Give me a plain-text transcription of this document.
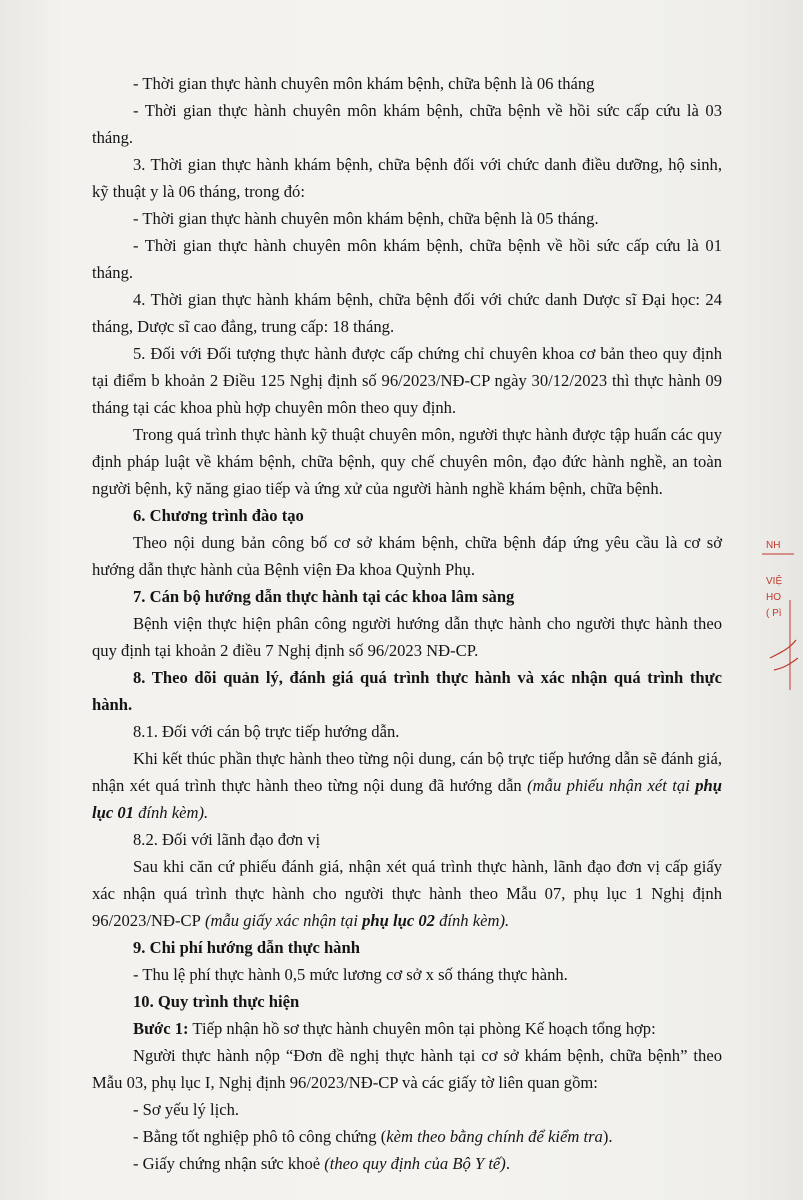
- Thời gian thực hành chuyên môn khám bệnh, chữa bệnh là 06 tháng

- Thời gian thực hành chuyên môn khám bệnh, chữa bệnh về hồi sức cấp cứu là 03 tháng.

3. Thời gian thực hành khám bệnh, chữa bệnh đối với chức danh điều dưỡng, hộ sinh, kỹ thuật y là 06 tháng, trong đó:

- Thời gian thực hành chuyên môn khám bệnh, chữa bệnh là 05 tháng.

- Thời gian thực hành chuyên môn khám bệnh, chữa bệnh về hồi sức cấp cứu là 01 tháng.

4. Thời gian thực hành khám bệnh, chữa bệnh đối với chức danh Dược sĩ Đại học: 24 tháng, Dược sĩ cao đẳng, trung cấp: 18 tháng.

5. Đối với Đối tượng thực hành được cấp chứng chỉ chuyên khoa cơ bản theo quy định tại điểm b khoản 2 Điều 125 Nghị định số 96/2023/NĐ-CP ngày 30/12/2023 thì thực hành 09 tháng tại các khoa phù hợp chuyên môn theo quy định.

Trong quá trình thực hành kỹ thuật chuyên môn, người thực hành được tập huấn các quy định pháp luật về khám bệnh, chữa bệnh, quy chế chuyên môn, đạo đức hành nghề, an toàn người bệnh, kỹ năng giao tiếp và ứng xử của người hành nghề khám bệnh, chữa bệnh.

6. Chương trình đào tạo

Theo nội dung bản công bố cơ sở khám bệnh, chữa bệnh đáp ứng yêu cầu là cơ sở hướng dẫn thực hành của Bệnh viện Đa khoa Quỳnh Phụ.

7. Cán bộ hướng dẫn thực hành tại các khoa lâm sàng

Bệnh viện thực hiện phân công người hướng dẫn thực hành cho người thực hành theo quy định tại khoản 2 điều 7 Nghị định số 96/2023 NĐ-CP.

8. Theo dõi quản lý, đánh giá quá trình thực hành và xác nhận quá trình thực hành.

8.1. Đối với cán bộ trực tiếp hướng dẫn.

Khi kết thúc phần thực hành theo từng nội dung, cán bộ trực tiếp hướng dẫn sẽ đánh giá, nhận xét quá trình thực hành theo từng nội dung đã hướng dẫn (mẫu phiếu nhận xét tại phụ lục 01 đính kèm).

8.2. Đối với lãnh đạo đơn vị

Sau khi căn cứ phiếu đánh giá, nhận xét quá trình thực hành, lãnh đạo đơn vị cấp giấy xác nhận quá trình thực hành cho người thực hành theo Mẫu 07, phụ lục 1 Nghị định 96/2023/NĐ-CP (mẫu giấy xác nhận tại phụ lục 02 đính kèm).

9. Chi phí hướng dẫn thực hành

- Thu lệ phí thực hành 0,5 mức lương cơ sở x số tháng thực hành.

10. Quy trình thực hiện

Bước 1: Tiếp nhận hồ sơ thực hành chuyên môn tại phòng Kế hoạch tổng hợp:

Người thực hành nộp “Đơn đề nghị thực hành tại cơ sở khám bệnh, chữa bệnh” theo Mẫu 03, phụ lục I, Nghị định 96/2023/NĐ-CP và các giấy tờ liên quan gồm:

- Sơ yếu lý lịch.

- Bằng tốt nghiệp phô tô công chứng (kèm theo bằng chính để kiểm tra).

- Giấy chứng nhận sức khoẻ (theo quy định của Bộ Y tế).

NH
VIỆ
HO
( Pì
